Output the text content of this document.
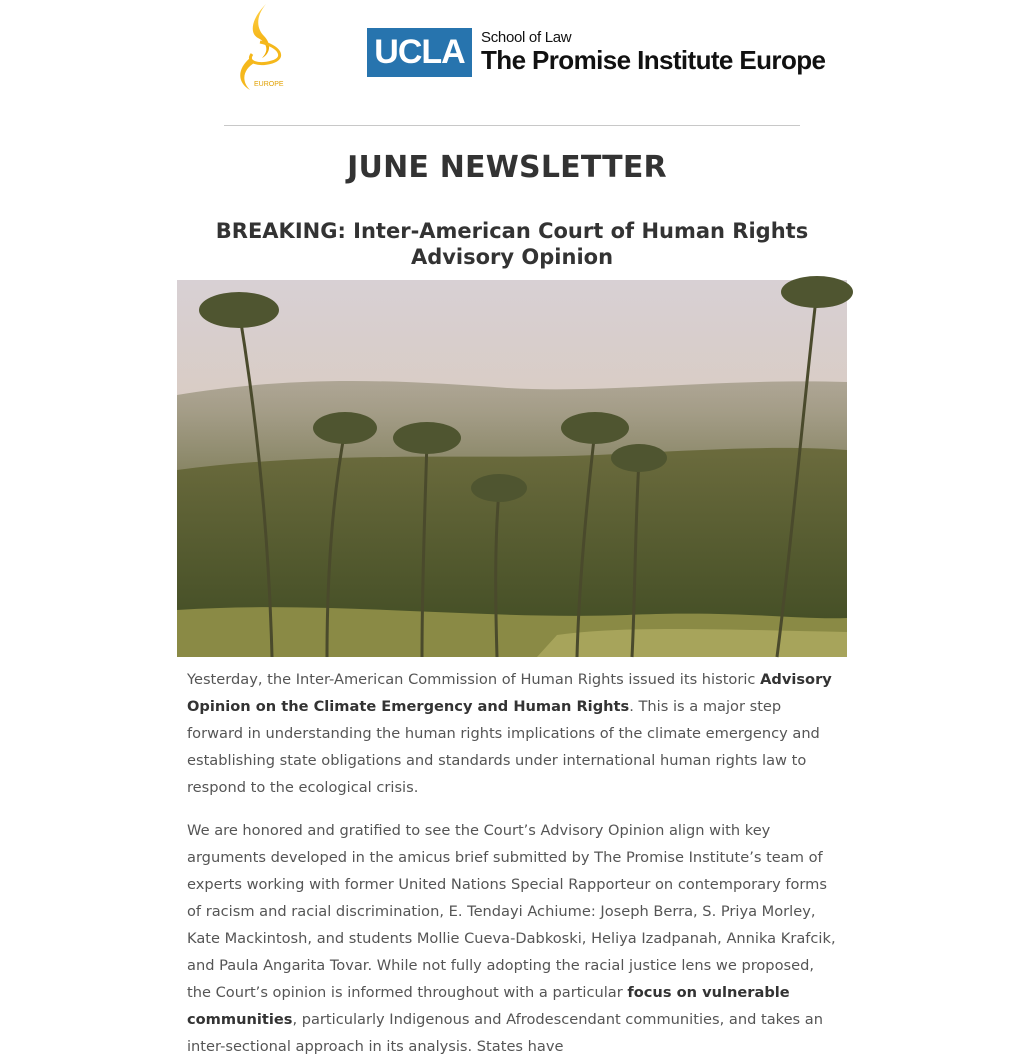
EUROPE
UCLA	School of Law
The Promise Institute Europe
JUNE NEWSLETTER
BREAKING: Inter-American Court of Human Rights Advisory Opinion

Yesterday, the Inter-American Commission of Human Rights issued its historic Advisory Opinion on the Climate Emergency and Human Rights. This is a major step forward in understanding the human rights implications of the climate emergency and establishing state obligations and standards under international human rights law to respond to the ecological crisis.

We are honored and gratified to see the Court’s Advisory Opinion align with key arguments developed in the amicus brief submitted by The Promise Institute’s team of experts working with former United Nations Special Rapporteur on contemporary forms of racism and racial discrimination, E. Tendayi Achiume: Joseph Berra, S. Priya Morley, Kate Mackintosh, and students Mollie Cueva-Dabkoski, Heliya Izadpanah, Annika Krafcik, and Paula Angarita Tovar. While not fully adopting the racial justice lens we proposed, the Court’s opinion is informed throughout with a particular focus on vulnerable communities, particularly Indigenous and Afrodescendant communities, and takes an inter-sectional approach in its analysis. States have
